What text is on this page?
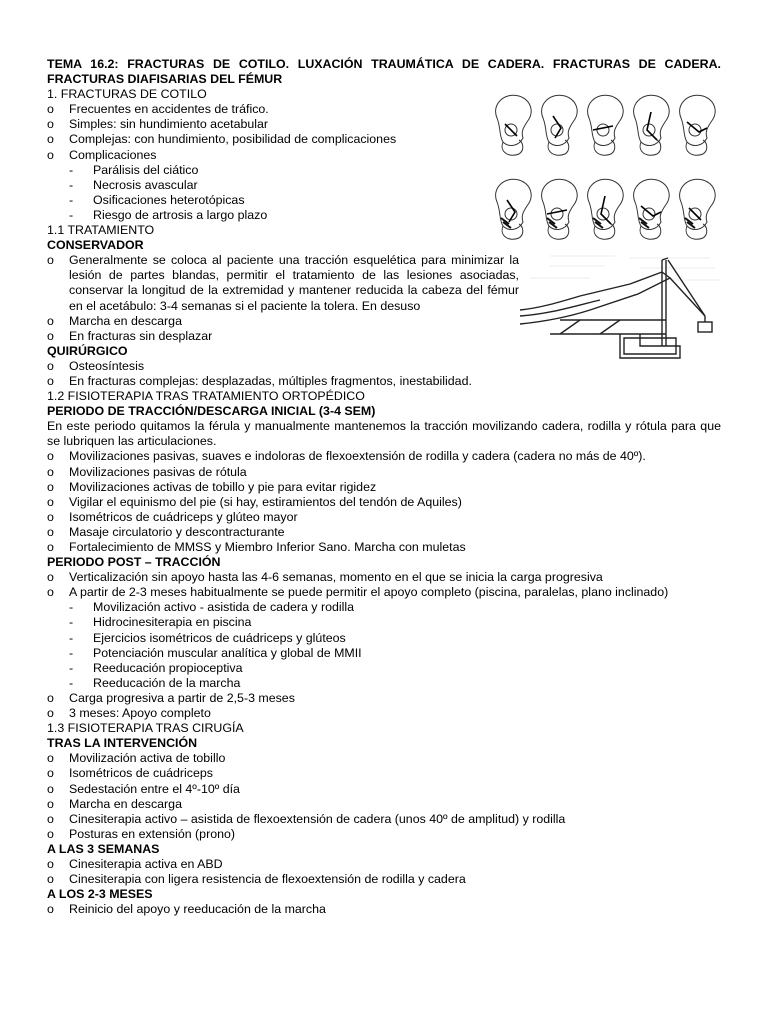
TEMA 16.2: FRACTURAS DE COTILO. LUXACIÓN TRAUMÁTICA DE CADERA. FRACTURAS DE CADERA.
FRACTURAS DIAFISARIAS DEL FÉMUR
1. FRACTURAS DE COTILO
o	Frecuentes en accidentes de tráfico.
o	Simples: sin hundimiento acetabular
o	Complejas: con hundimiento, posibilidad de complicaciones
o	Complicaciones
-	Parálisis del ciático
-	Necrosis avascular
-	Osificaciones heterotópicas
-	Riesgo de artrosis a largo plazo
1.1 TRATAMIENTO
CONSERVADOR
o	Generalmente se coloca al paciente una tracción esquelética para minimizar la lesión de partes blandas, permitir el tratamiento de las lesiones asociadas, conservar la longitud de la extremidad y mantener reducida la cabeza del fémur en el acetábulo: 3-4 semanas si el paciente la tolera. En desuso
o	Marcha en descarga
o	En fracturas sin desplazar
QUIRÚRGICO
o	Osteosíntesis
o	En fracturas complejas: desplazadas, múltiples fragmentos, inestabilidad.
1.2 FISIOTERAPIA TRAS TRATAMIENTO ORTOPÉDICO
PERIODO DE TRACCIÓN/DESCARGA INICIAL (3-4 SEM)
En este periodo quitamos la férula y manualmente mantenemos la tracción movilizando cadera, rodilla y rótula para que se lubriquen las articulaciones.
o	Movilizaciones pasivas, suaves e indoloras de flexoextensión de rodilla y cadera (cadera no más de 40º).
o	Movilizaciones pasivas de rótula
o	Movilizaciones activas de tobillo y pie para evitar rigidez
o	Vigilar el equinismo del pie (si hay, estiramientos del tendón de Aquiles)
o	Isométricos de cuádriceps y glúteo mayor
o	Masaje circulatorio y descontracturante
o	Fortalecimiento de MMSS y Miembro Inferior Sano. Marcha con muletas
PERIODO POST – TRACCIÓN
o	Verticalización sin apoyo hasta las 4-6 semanas, momento en el que se inicia la carga progresiva
o	A partir de 2-3 meses habitualmente se puede permitir el apoyo completo (piscina, paralelas, plano inclinado)
-	Movilización activo - asistida de cadera y rodilla
-	Hidrocinesiterapia en piscina
-	Ejercicios isométricos de cuádriceps y glúteos
-	Potenciación muscular analítica y global de MMII
-	Reeducación propioceptiva
-	Reeducación de la marcha
o	Carga progresiva a partir de 2,5-3 meses
o	3 meses: Apoyo completo
1.3 FISIOTERAPIA TRAS CIRUGÍA
TRAS LA INTERVENCIÓN
o	Movilización activa de tobillo
o	Isométricos de cuádriceps
o	Sedestación entre el 4º-10º día
o	Marcha en descarga
o	Cinesiterapia activo – asistida de flexoextensión de cadera (unos 40º de amplitud) y rodilla
o	Posturas en extensión (prono)
A LAS 3 SEMANAS
o	Cinesiterapia activa en ABD
o	Cinesiterapia con ligera resistencia de flexoextensión de rodilla y cadera
A LOS 2-3 MESES
o	Reinicio del apoyo y reeducación de la marcha
